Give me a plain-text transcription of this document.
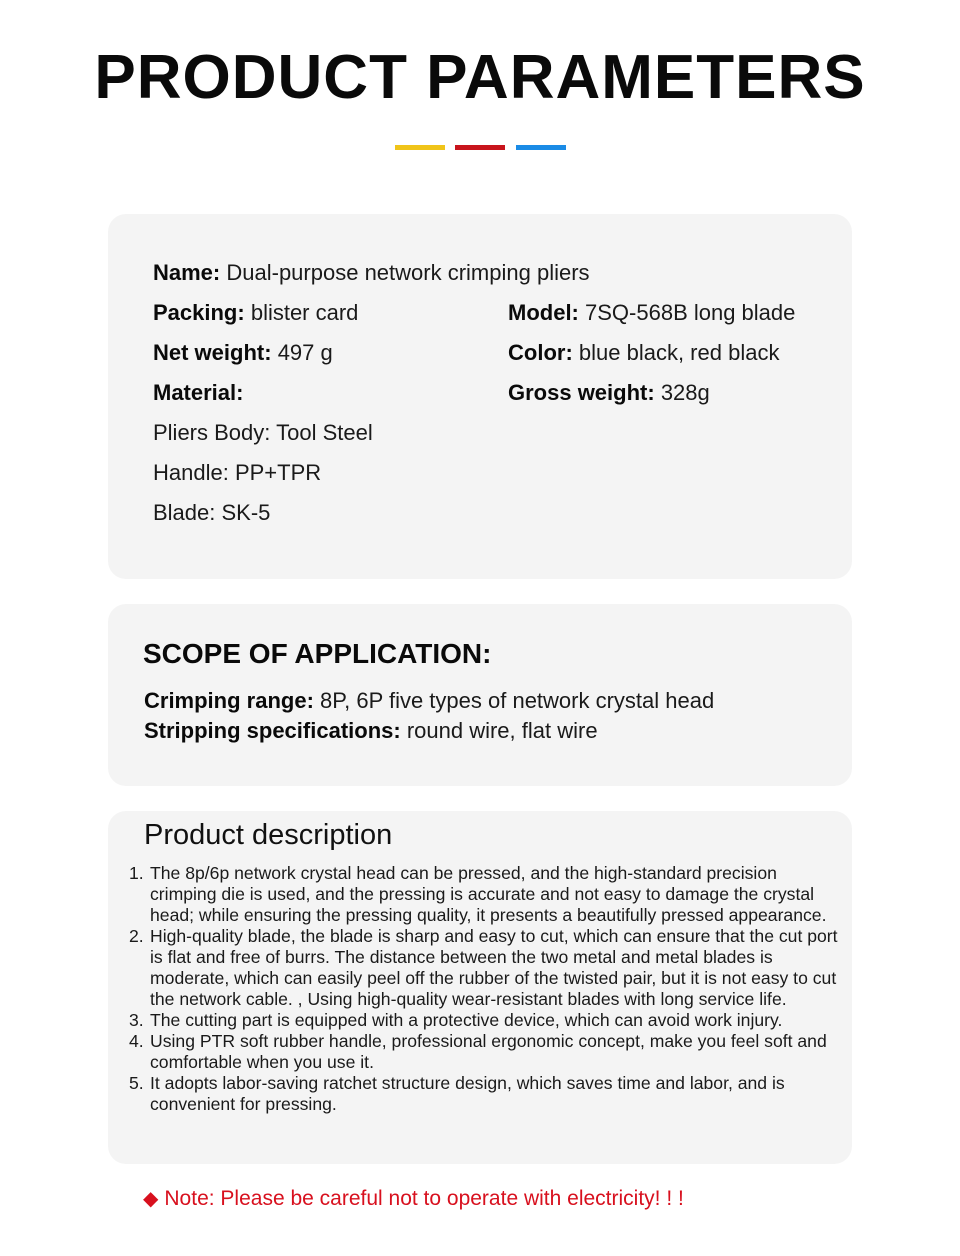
PRODUCT PARAMETERS
Name: Dual-purpose network crimping pliers
Packing: blister card	Model: 7SQ-568B long blade
Net weight: 497 g	Color: blue black, red black
Material:	Gross weight: 328g
Pliers Body: Tool Steel
Handle: PP+TPR
Blade: SK-5
SCOPE OF APPLICATION:
Crimping range: 8P, 6P five types of network crystal head
Stripping specifications: round wire, flat wire
Product description
1. The 8p/6p network crystal head can be pressed, and the high-standard precision crimping die is used, and the pressing is accurate and not easy to damage the crystal head; while ensuring the pressing quality, it presents a beautifully pressed appearance.
2. High-quality blade, the blade is sharp and easy to cut, which can ensure that the cut port is flat and free of burrs. The distance between the two metal and metal blades is moderate, which can easily peel off the rubber of the twisted pair, but it is not easy to cut the network cable. , Using high-quality wear-resistant blades with long service life.
3. The cutting part is equipped with a protective device, which can avoid work injury.
4. Using PTR soft rubber handle, professional ergonomic concept, make you feel soft and comfortable when you use it.
5. It adopts labor-saving ratchet structure design, which saves time and labor, and is convenient for pressing.
◆ Note: Please be careful not to operate with electricity! ! !
